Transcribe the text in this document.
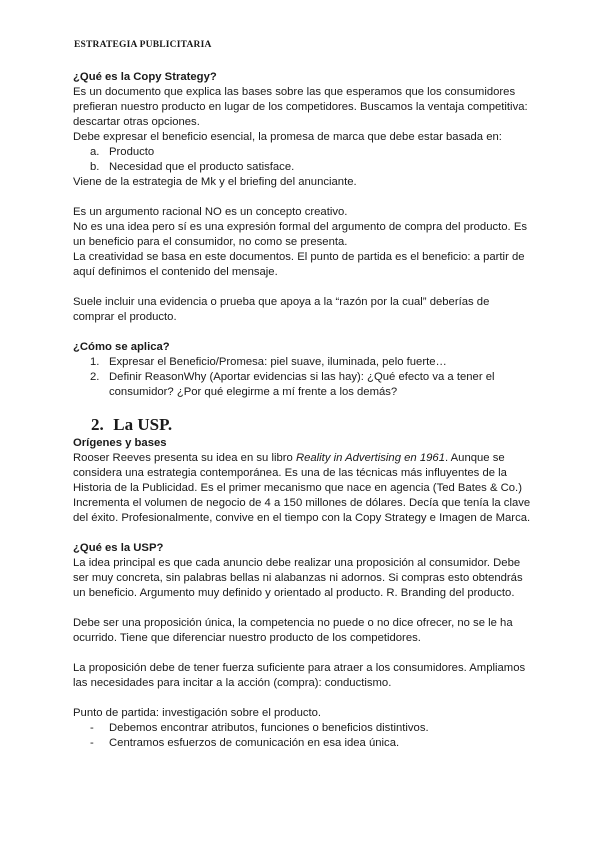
ESTRATEGIA PUBLICITARIA

¿Qué es la Copy Strategy?

Es un documento que explica las bases sobre las que esperamos que los consumidores prefieran nuestro producto en lugar de los competidores. Buscamos la ventaja competitiva: descartar otras opciones.

Debe expresar el beneficio esencial, la promesa de marca que debe estar basada en:

a. Producto
b. Necesidad que el producto satisface.

Viene de la estrategia de Mk y el briefing del anunciante.

Es un argumento racional NO es un concepto creativo.

No es una idea pero sí es una expresión formal del argumento de compra del producto. Es un beneficio para el consumidor, no como se presenta.

La creatividad se basa en este documentos. El punto de partida es el beneficio: a partir de aquí definimos el contenido del mensaje.

Suele incluir una evidencia o prueba que apoya a la “razón por la cual” deberías de comprar el producto.

¿Cómo se aplica?

1. Expresar el Beneficio/Promesa: piel suave, iluminada, pelo fuerte…
2. Definir ReasonWhy (Aportar evidencias si las hay): ¿Qué efecto va a tener el consumidor? ¿Por qué elegirme a mí frente a los demás?
2. La USP.

Orígenes y bases

Rooser Reeves presenta su idea en su libro Reality in Advertising en 1961. Aunque se considera una estrategia contemporánea. Es una de las técnicas más influyentes de la Historia de la Publicidad. Es el primer mecanismo que nace en agencia (Ted Bates & Co.) Incrementa el volumen de negocio de 4 a 150 millones de dólares. Decía que tenía la clave del éxito. Profesionalmente, convive en el tiempo con la Copy Strategy e Imagen de Marca.

¿Qué es la USP?

La idea principal es que cada anuncio debe realizar una proposición al consumidor. Debe ser muy concreta, sin palabras bellas ni alabanzas ni adornos. Si compras esto obtendrás un beneficio. Argumento muy definido y orientado al producto. R. Branding del producto.

Debe ser una proposición única, la competencia no puede o no dice ofrecer, no se le ha ocurrido. Tiene que diferenciar nuestro producto de los competidores.

La proposición debe de tener fuerza suficiente para atraer a los consumidores. Ampliamos las necesidades para incitar a la acción (compra): conductismo.

Punto de partida: investigación sobre el producto.

- Debemos encontrar atributos, funciones o beneficios distintivos.
- Centramos esfuerzos de comunicación en esa idea única.
